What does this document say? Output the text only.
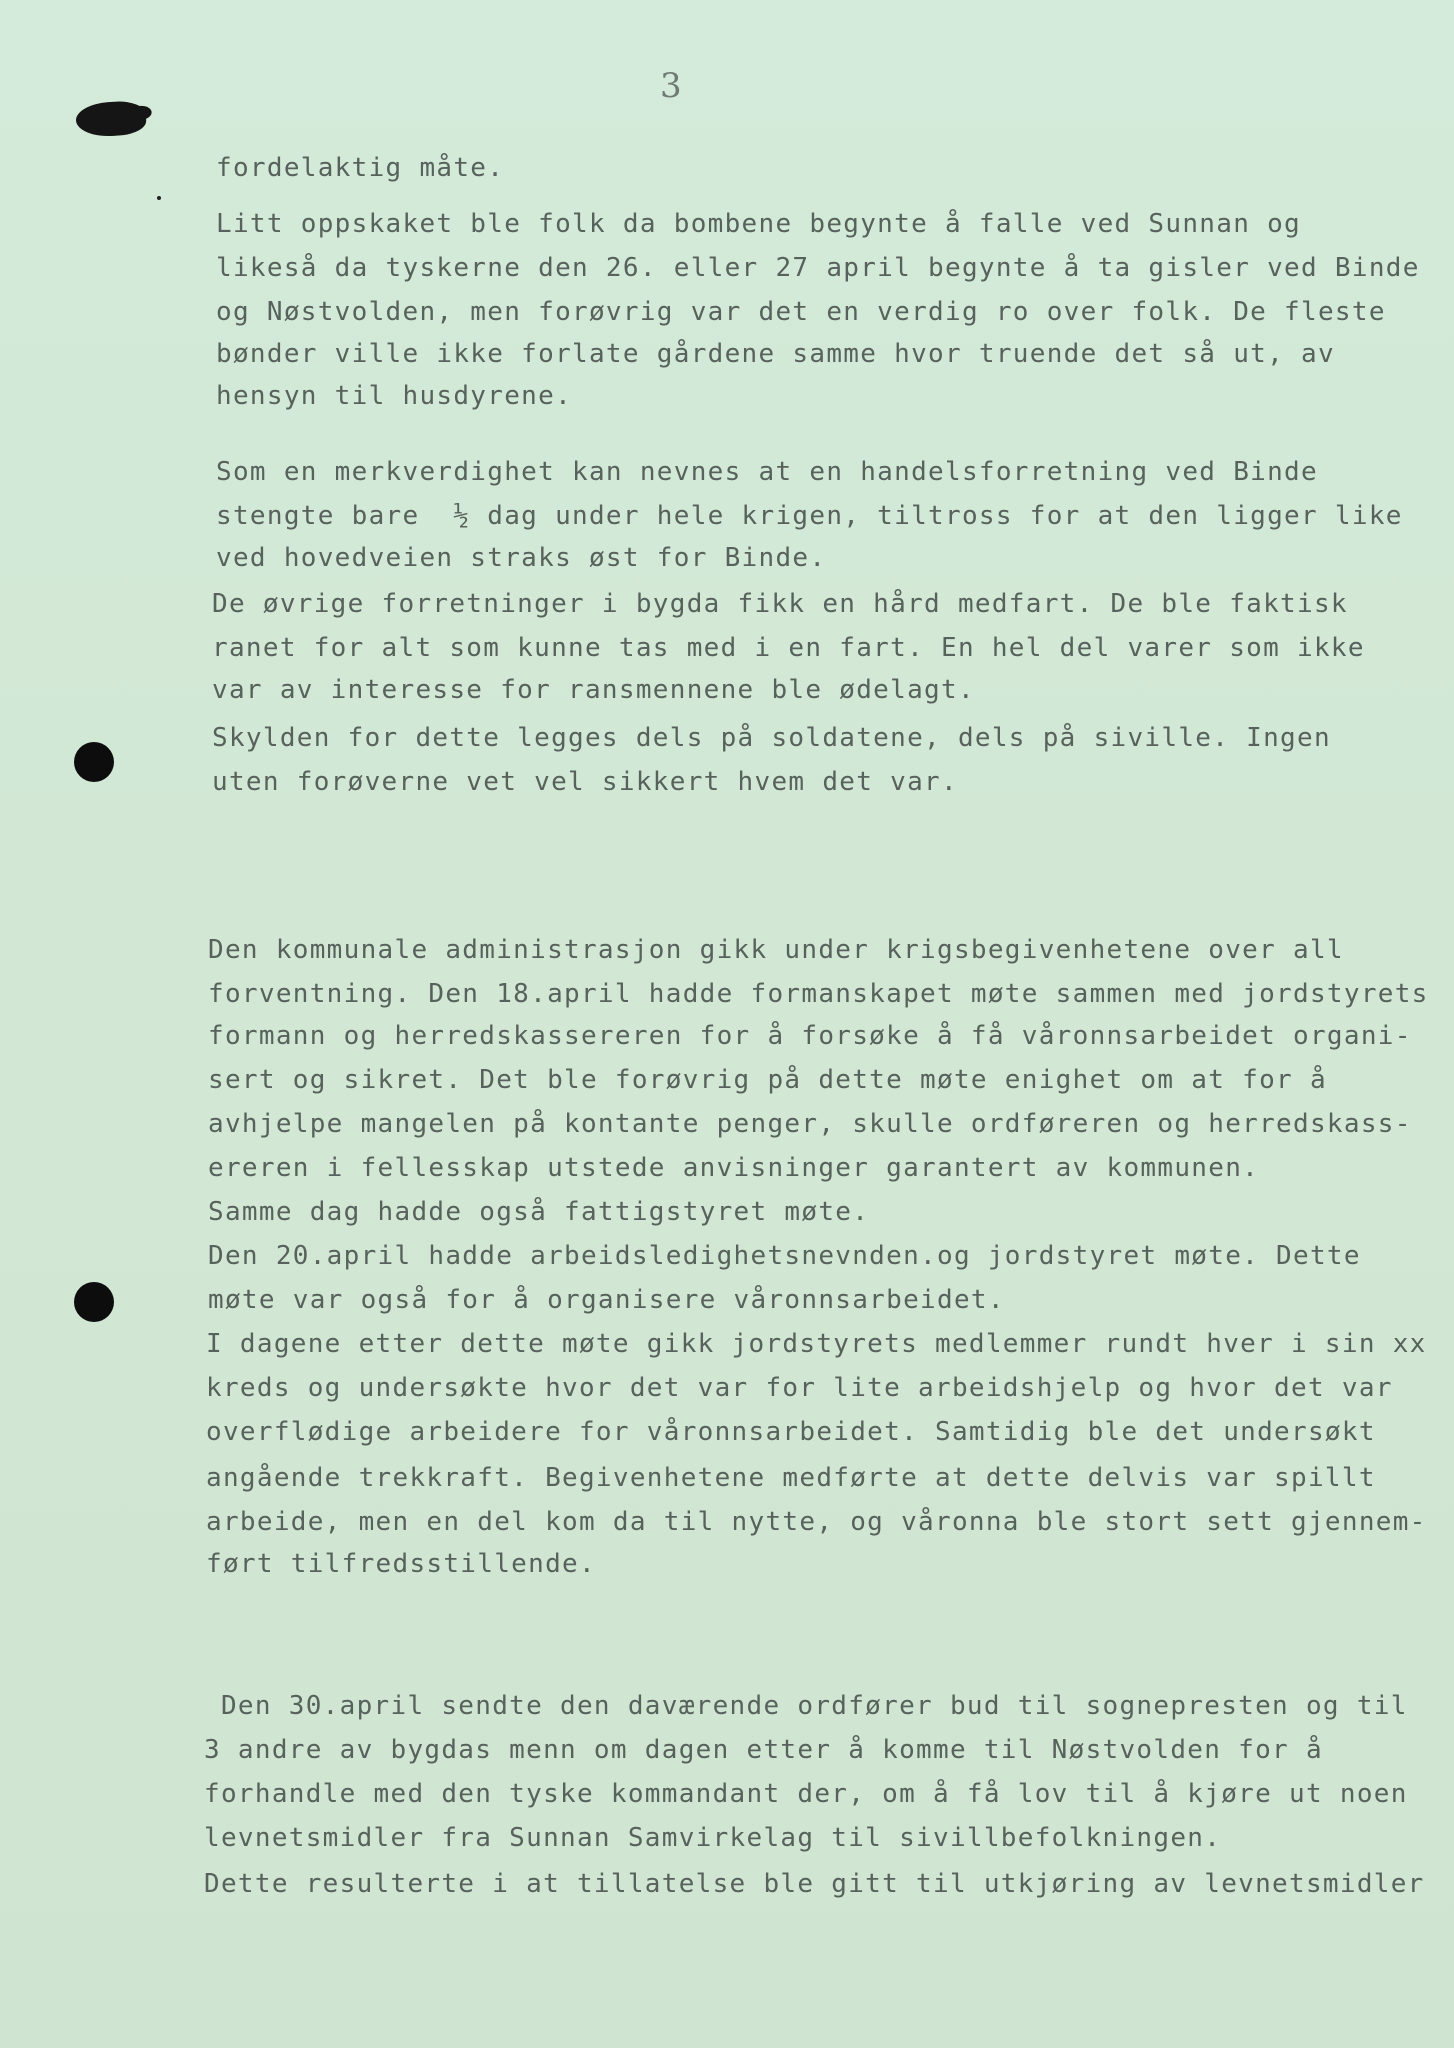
3

fordelaktig måte.

Litt oppskaket ble folk da bombene begynte å falle ved Sunnan og

likeså da tyskerne den 26. eller 27 april begynte å ta gisler ved Binde

og Nøstvolden, men forøvrig var det en verdig ro over folk. De fleste

bønder ville ikke forlate gårdene samme hvor truende det så ut, av

hensyn til husdyrene.

Som en merkverdighet kan nevnes at en handelsforretning ved Binde

stengte bare  ½ dag under hele krigen, tiltross for at den ligger like

ved hovedveien straks øst for Binde.

De øvrige forretninger i bygda fikk en hård medfart. De ble faktisk

ranet for alt som kunne tas med i en fart. En hel del varer som ikke

var av interesse for ransmennene ble ødelagt.

Skylden for dette legges dels på soldatene, dels på siville. Ingen

uten forøverne vet vel sikkert hvem det var.

Den kommunale administrasjon gikk under krigsbegivenhetene over all

forventning. Den 18.april hadde formanskapet møte sammen med jordstyrets

formann og herredskassereren for å forsøke å få våronnsarbeidet organi-

sert og sikret. Det ble forøvrig på dette møte enighet om at for å

avhjelpe mangelen på kontante penger, skulle ordføreren og herredskass-

ereren i fellesskap utstede anvisninger garantert av kommunen.

Samme dag hadde også fattigstyret møte.

Den 20.april hadde arbeidsledighetsnevnden.og jordstyret møte. Dette

møte var også for å organisere våronnsarbeidet.

I dagene etter dette møte gikk jordstyrets medlemmer rundt hver i sin xx

kreds og undersøkte hvor det var for lite arbeidshjelp og hvor det var

overflødige arbeidere for våronnsarbeidet. Samtidig ble det undersøkt

angående trekkraft. Begivenhetene medførte at dette delvis var spillt

arbeide, men en del kom da til nytte, og våronna ble stort sett gjennem-

ført tilfredsstillende.

Den 30.april sendte den daværende ordfører bud til sognepresten og til

3 andre av bygdas menn om dagen etter å komme til Nøstvolden for å

forhandle med den tyske kommandant der, om å få lov til å kjøre ut noen

levnetsmidler fra Sunnan Samvirkelag til sivillbefolkningen.

Dette resulterte i at tillatelse ble gitt til utkjøring av levnetsmidler
